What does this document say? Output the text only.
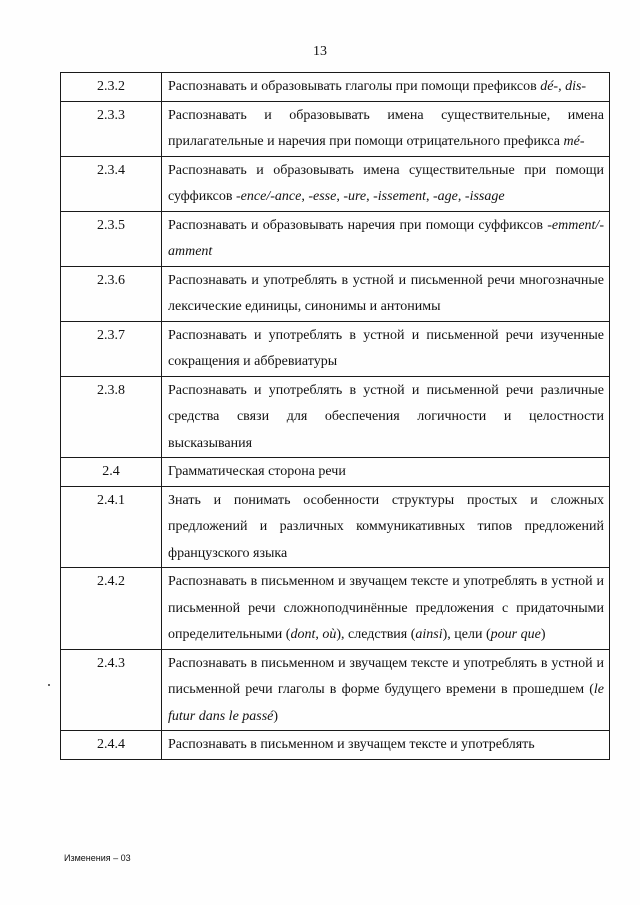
13
2.3.2	Распознавать и образовывать глаголы при помощи префиксов dé-, dis-
2.3.3	Распознавать и образовывать имена существительные, имена прилагательные и наречия при помощи отрицательного префикса mé-
2.3.4	Распознавать и образовывать имена существительные при помощи суффиксов -ence/-ance, -esse, -ure, -issement, -age, -issage
2.3.5	Распознавать и образовывать наречия при помощи суффиксов -emment/-amment
2.3.6	Распознавать и употреблять в устной и письменной речи многозначные лексические единицы, синонимы и антонимы
2.3.7	Распознавать и употреблять в устной и письменной речи изученные сокращения и аббревиатуры
2.3.8	Распознавать и употреблять в устной и письменной речи различные средства связи для обеспечения логичности и целостности высказывания
2.4	Грамматическая сторона речи
2.4.1	Знать и понимать особенности структуры простых и сложных предложений и различных коммуникативных типов предложений французского языка
2.4.2	Распознавать в письменном и звучащем тексте и употреблять в устной и письменной речи сложноподчинённые предложения с придаточными определительными (dont, où), следствия (ainsi), цели (pour que)
2.4.3	Распознавать в письменном и звучащем тексте и употреблять в устной и письменной речи глаголы в форме будущего времени в прошедшем (le futur dans le passé)
2.4.4	Распознавать в письменном и звучащем тексте и употреблять
Изменения – 03
